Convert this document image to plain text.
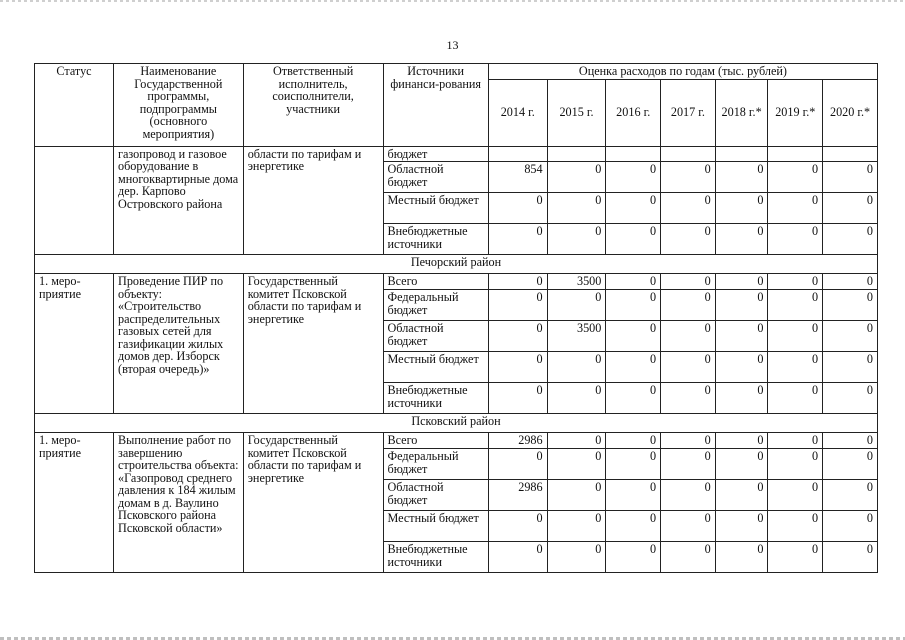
13
Статус	Наименование Государственной программы, подпрограммы (основного мероприятия)	Ответственный исполнитель, соисполнители, участники	Источники финанси-рования	Оценка расходов по годам (тыс. рублей)						
				2014 г.	2015 г.	2016 г.	2017 г.	2018 г.*	2019 г.*	2020 г.*
	газопровод и газовое оборудование в многоквартирные дома дер. Карпово Островского района	области по тарифам и энергетике	бюджет							
			Областной бюджет	854	0	0	0	0	0	0
			Местный бюджет	0	0	0	0	0	0	0
			Внебюджетные источники	0	0	0	0	0	0	0
Печорский район										
1. меро-приятие	Проведение ПИР по объекту: «Строительство распределительных газовых сетей для газификации жилых домов дер. Изборск (вторая очередь)»	Государственный комитет Псковской области по тарифам и энергетике	Всего	0	3500	0	0	0	0	0
			Федеральный бюджет	0	0	0	0	0	0	0
			Областной бюджет	0	3500	0	0	0	0	0
			Местный бюджет	0	0	0	0	0	0	0
			Внебюджетные источники	0	0	0	0	0	0	0
Псковский район										
1. меро-приятие	Выполнение работ по завершению строительства объекта: «Газопровод среднего давления к 184 жилым домам в д. Ваулино Псковского района Псковской области»	Государственный комитет Псковской области по тарифам и энергетике	Всего	2986	0	0	0	0	0	0
			Федеральный бюджет	0	0	0	0	0	0	0
			Областной бюджет	2986	0	0	0	0	0	0
			Местный бюджет	0	0	0	0	0	0	0
			Внебюджетные источники	0	0	0	0	0	0	0
